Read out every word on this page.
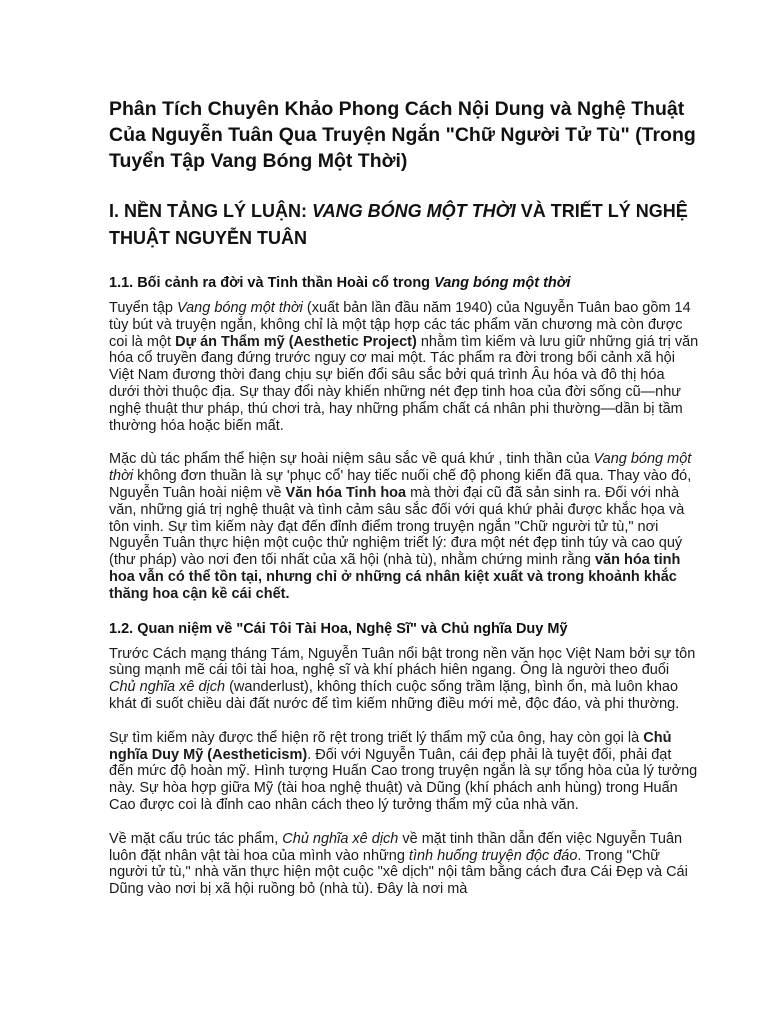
Phân Tích Chuyên Khảo Phong Cách Nội Dung và Nghệ Thuật Của Nguyễn Tuân Qua Truyện Ngắn "Chữ Người Tử Tù" (Trong Tuyển Tập Vang Bóng Một Thời)
I. NỀN TẢNG LÝ LUẬN: VANG BÓNG MỘT THỜI VÀ TRIẾT LÝ NGHỆ THUẬT NGUYỄN TUÂN
1.1. Bối cảnh ra đời và Tinh thần Hoài cổ trong Vang bóng một thời

Tuyển tập Vang bóng một thời (xuất bản lần đầu năm 1940) của Nguyễn Tuân bao gồm 14 tùy bút và truyện ngắn, không chỉ là một tập hợp các tác phẩm văn chương mà còn được coi là một Dự án Thẩm mỹ (Aesthetic Project) nhằm tìm kiếm và lưu giữ những giá trị văn hóa cổ truyền đang đứng trước nguy cơ mai một. Tác phẩm ra đời trong bối cảnh xã hội Việt Nam đương thời đang chịu sự biến đổi sâu sắc bởi quá trình Âu hóa và đô thị hóa dưới thời thuộc địa. Sự thay đổi này khiến những nét đẹp tinh hoa của đời sống cũ—như nghệ thuật thư pháp, thú chơi trà, hay những phẩm chất cá nhân phi thường—dần bị tầm thường hóa hoặc biến mất.

Mặc dù tác phẩm thể hiện sự hoài niệm sâu sắc về quá khứ , tinh thần của Vang bóng một thời không đơn thuần là sự 'phục cổ' hay tiếc nuối chế độ phong kiến đã qua. Thay vào đó, Nguyễn Tuân hoài niệm về Văn hóa Tinh hoa mà thời đại cũ đã sản sinh ra. Đối với nhà văn, những giá trị nghệ thuật và tình cảm sâu sắc đối với quá khứ phải được khắc họa và tôn vinh. Sự tìm kiếm này đạt đến đỉnh điểm trong truyện ngắn "Chữ người tử tù," nơi Nguyễn Tuân thực hiện một cuộc thử nghiệm triết lý: đưa một nét đẹp tinh túy và cao quý (thư pháp) vào nơi đen tối nhất của xã hội (nhà tù), nhằm chứng minh rằng văn hóa tinh hoa vẫn có thể tồn tại, nhưng chỉ ở những cá nhân kiệt xuất và trong khoảnh khắc thăng hoa cận kề cái chết.

1.2. Quan niệm về "Cái Tôi Tài Hoa, Nghệ Sĩ" và Chủ nghĩa Duy Mỹ

Trước Cách mạng tháng Tám, Nguyễn Tuân nổi bật trong nền văn học Việt Nam bởi sự tôn sùng mạnh mẽ cái tôi tài hoa, nghệ sĩ và khí phách hiên ngang. Ông là người theo đuổi Chủ nghĩa xê dịch (wanderlust), không thích cuộc sống trầm lặng, bình ổn, mà luôn khao khát đi suốt chiều dài đất nước để tìm kiếm những điều mới mẻ, độc đáo, và phi thường.

Sự tìm kiếm này được thể hiện rõ rệt trong triết lý thẩm mỹ của ông, hay còn gọi là Chủ nghĩa Duy Mỹ (Aestheticism). Đối với Nguyễn Tuân, cái đẹp phải là tuyệt đối, phải đạt đến mức độ hoàn mỹ. Hình tượng Huấn Cao trong truyện ngắn là sự tổng hòa của lý tưởng này. Sự hòa hợp giữa Mỹ (tài hoa nghệ thuật) và Dũng (khí phách anh hùng) trong Huấn Cao được coi là đỉnh cao nhân cách theo lý tưởng thẩm mỹ của nhà văn.

Về mặt cấu trúc tác phẩm, Chủ nghĩa xê dịch về mặt tinh thần dẫn đến việc Nguyễn Tuân luôn đặt nhân vật tài hoa của mình vào những tình huống truyện độc đáo. Trong "Chữ người tử tù," nhà văn thực hiện một cuộc "xê dịch" nội tâm bằng cách đưa Cái Đẹp và Cái Dũng vào nơi bị xã hội ruồng bỏ (nhà tù). Đây là nơi mà
